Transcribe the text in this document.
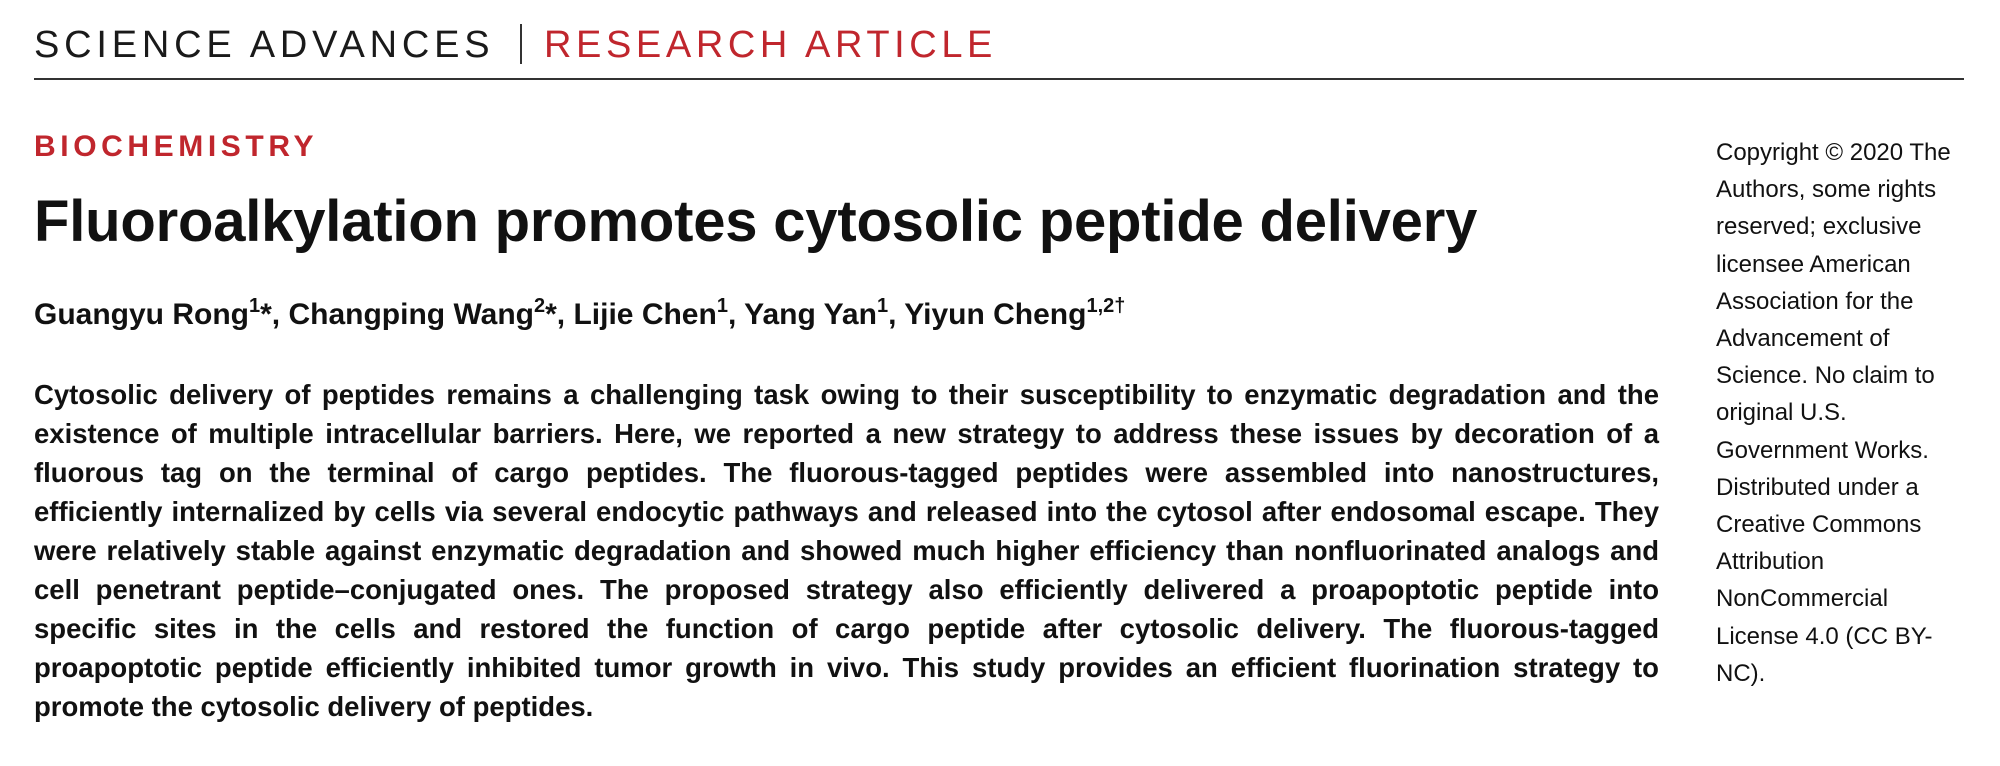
SCIENCE ADVANCES RESEARCH ARTICLE
BIOCHEMISTRY
Fluoroalkylation promotes cytosolic peptide delivery
Guangyu Rong$^1$*, Changping Wang$^2$*, Lijie Chen$^1$, Yang Yan$^1$, Yiyun Cheng$^{1,2\dagger}$

Cytosolic delivery of peptides remains a challenging task owing to their susceptibility to enzymatic degradation and the existence of multiple intracellular barriers. Here, we reported a new strategy to address these issues by decoration of a fluorous tag on the terminal of cargo peptides. The fluorous-tagged peptides were assembled into nanostructures, efficiently internalized by cells via several endocytic pathways and released into the cytosol after endosomal escape. They were relatively stable against enzymatic degradation and showed much higher efficiency than nonfluorinated analogs and cell penetrant peptide–conjugated ones. The proposed strategy also efficiently delivered a proapoptotic peptide into specific sites in the cells and restored the function of cargo peptide after cytosolic delivery. The fluorous-tagged proapoptotic peptide efficiently inhibited tumor growth in vivo. This study provides an efficient fluorination strategy to promote the cytosolic delivery of peptides.

Copyright © 2020 The Authors, some rights reserved; exclusive licensee American Association for the Advancement of Science. No claim to original U.S. Government Works. Distributed under a Creative Commons Attribution NonCommercial License 4.0 (CC BY-NC).
